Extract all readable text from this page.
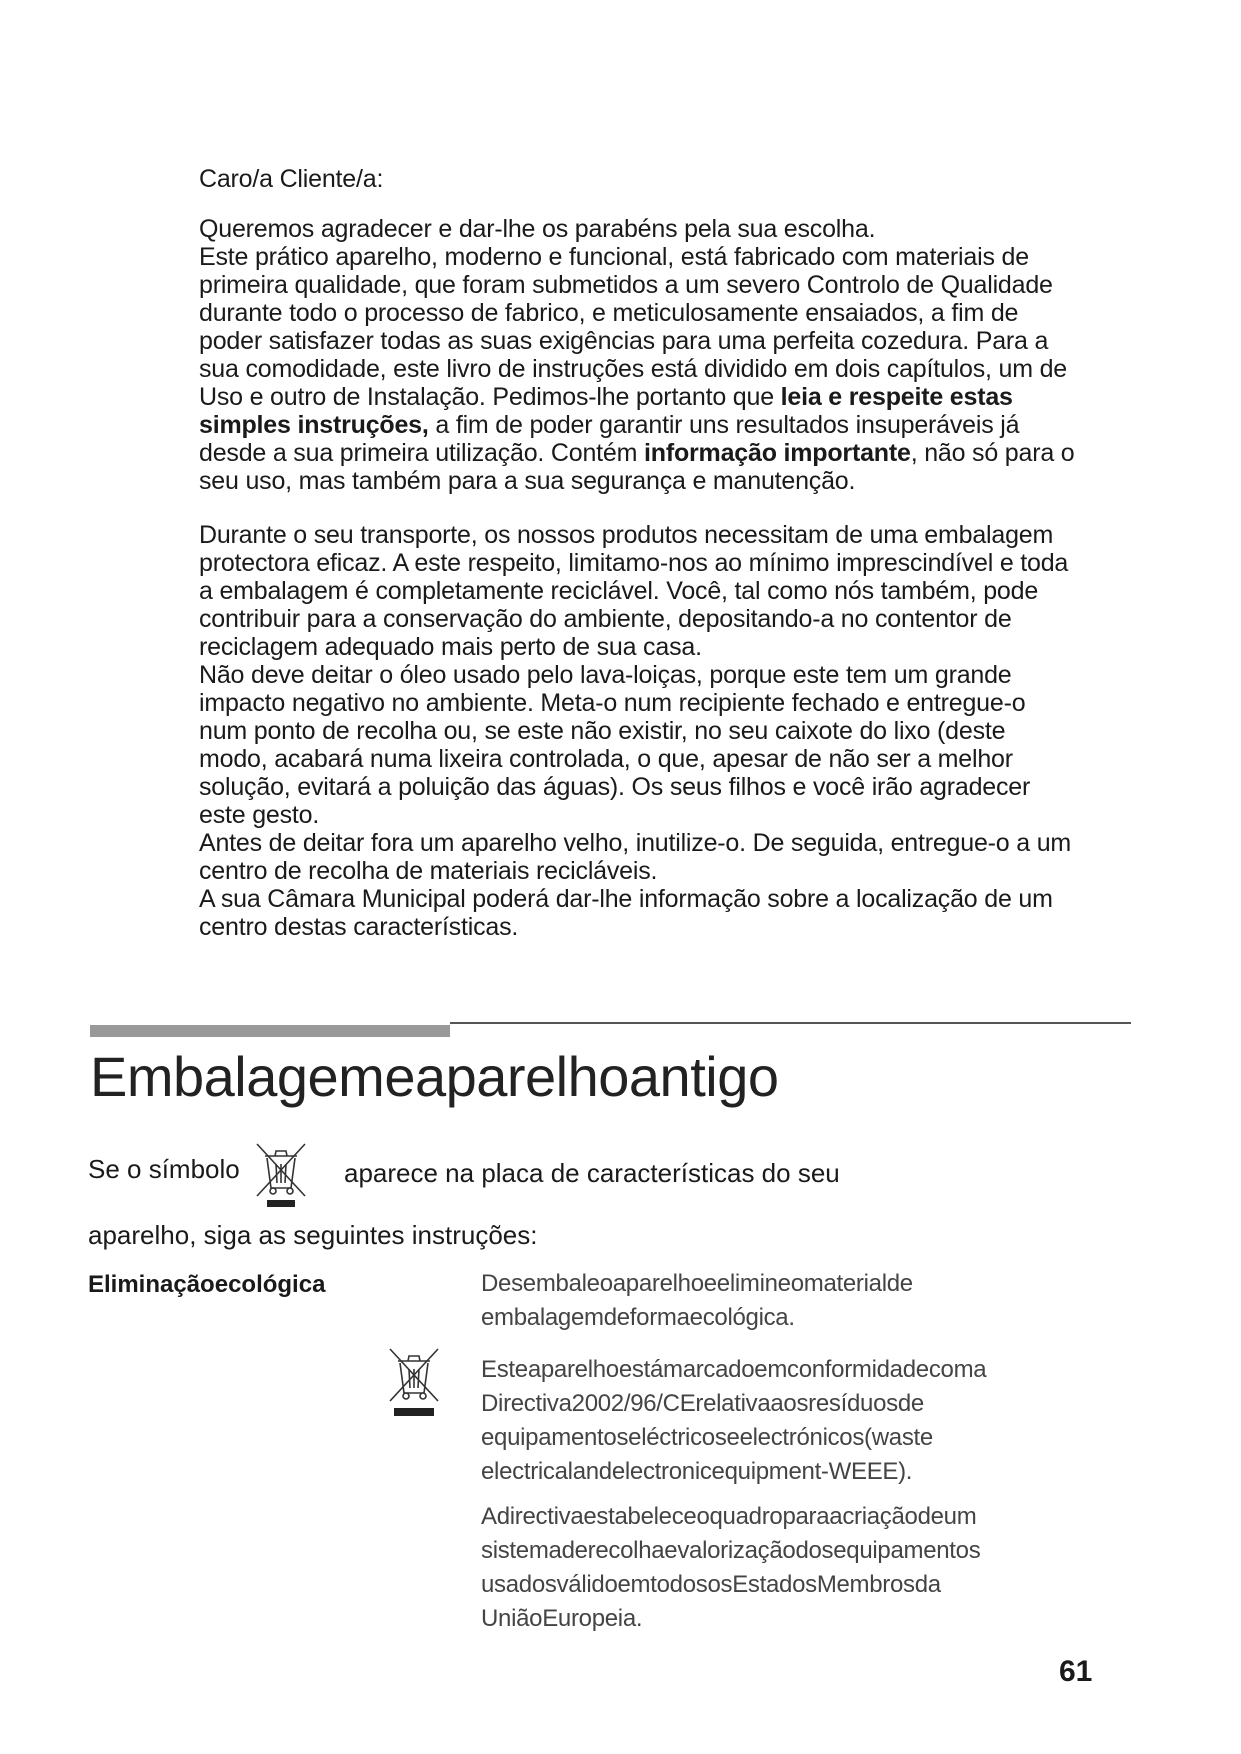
Caro/a Cliente/a:

Queremos agradecer e dar-lhe os parabéns pela sua escolha.
Este prático aparelho, moderno e funcional, está fabricado com materiais de primeira qualidade, que foram submetidos a um severo Controlo de Qualidade durante todo o processo de fabrico, e meticulosamente ensaiados, a fim de poder satisfazer todas as suas exigências para uma perfeita cozedura. Para a sua comodidade, este livro de instruções está dividido em dois capítulos, um de Uso e outro de Instalação. Pedimos-lhe portanto que leia e respeite estas simples instruções, a fim de poder garantir uns resultados insuperáveis já desde a sua primeira utilização. Contém informação importante, não só para o seu uso, mas também para a sua segurança e manutenção.

Durante o seu transporte, os nossos produtos necessitam de uma embalagem protectora eficaz. A este respeito, limitamo-nos ao mínimo imprescindível e toda a embalagem é completamente reciclável. Você, tal como nós também, pode contribuir para a conservação do ambiente, depositando-a no contentor de reciclagem adequado mais perto de sua casa.

Não deve deitar o óleo usado pelo lava-loiças, porque este tem um grande impacto negativo no ambiente. Meta-o num recipiente fechado e entregue-o num ponto de recolha ou, se este não existir, no seu caixote do lixo (deste modo, acabará numa lixeira controlada, o que, apesar de não ser a melhor solução, evitará a poluição das águas). Os seus filhos e você irão agradecer este gesto.

Antes de deitar fora um aparelho velho, inutilize-o. De seguida, entregue-o a um centro de recolha de materiais recicláveis.

A sua Câmara Municipal poderá dar-lhe informação sobre a localização de um centro destas características.

Embalagemeaparelhoantigo
Se o símbolo	aparece na placa de características do seu
aparelho, siga as seguintes instruções:
Eliminaçãoecológica	Desembaleoaparelhoeelimineomaterialde embalagemdeformaecológica.
Esteaparelhoestámarcadoemconformidadecoma Directiva2002/96/CErelativaaosresíduosde equipamentoseléctricoseelectrónicos(waste electricalandelectronicequipment-WEEE).
Adirectivaestabeleceoquadroparaacriaçãodeum sistemaderecolhaevalorizaçãodosequipamentos usadosválidoemtodososEstadosMembrosda UniãoEuropeia.
61
